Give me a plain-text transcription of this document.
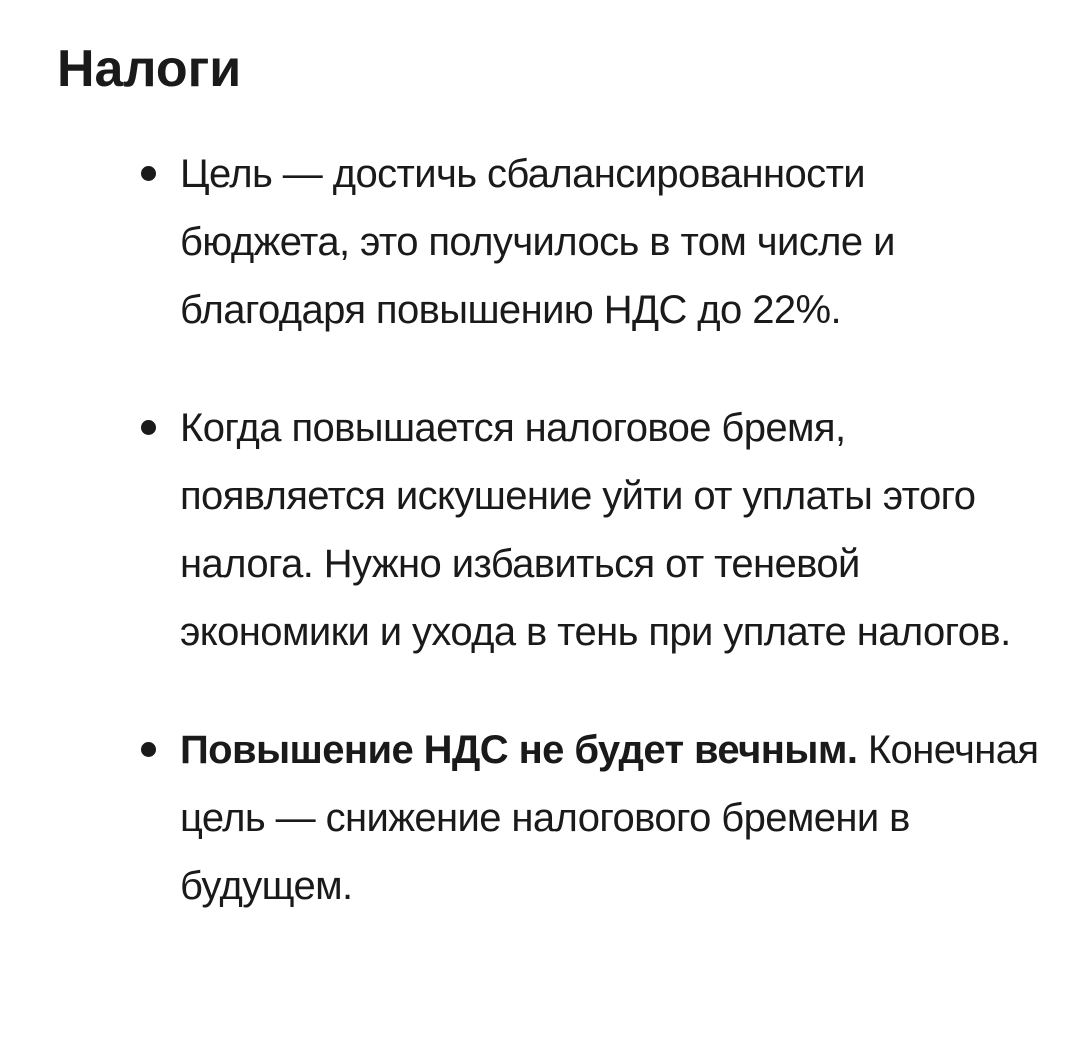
Налоги
Цель — достичь сбалансированности бюджета, это получилось в том числе и благодаря повышению НДС до 22%.
Когда повышается налоговое бремя, появляется искушение уйти от уплаты этого налога. Нужно избавиться от теневой экономики и ухода в тень при уплате налогов.
Повышение НДС не будет вечным. Конечная цель — снижение налогового бремени в будущем.
